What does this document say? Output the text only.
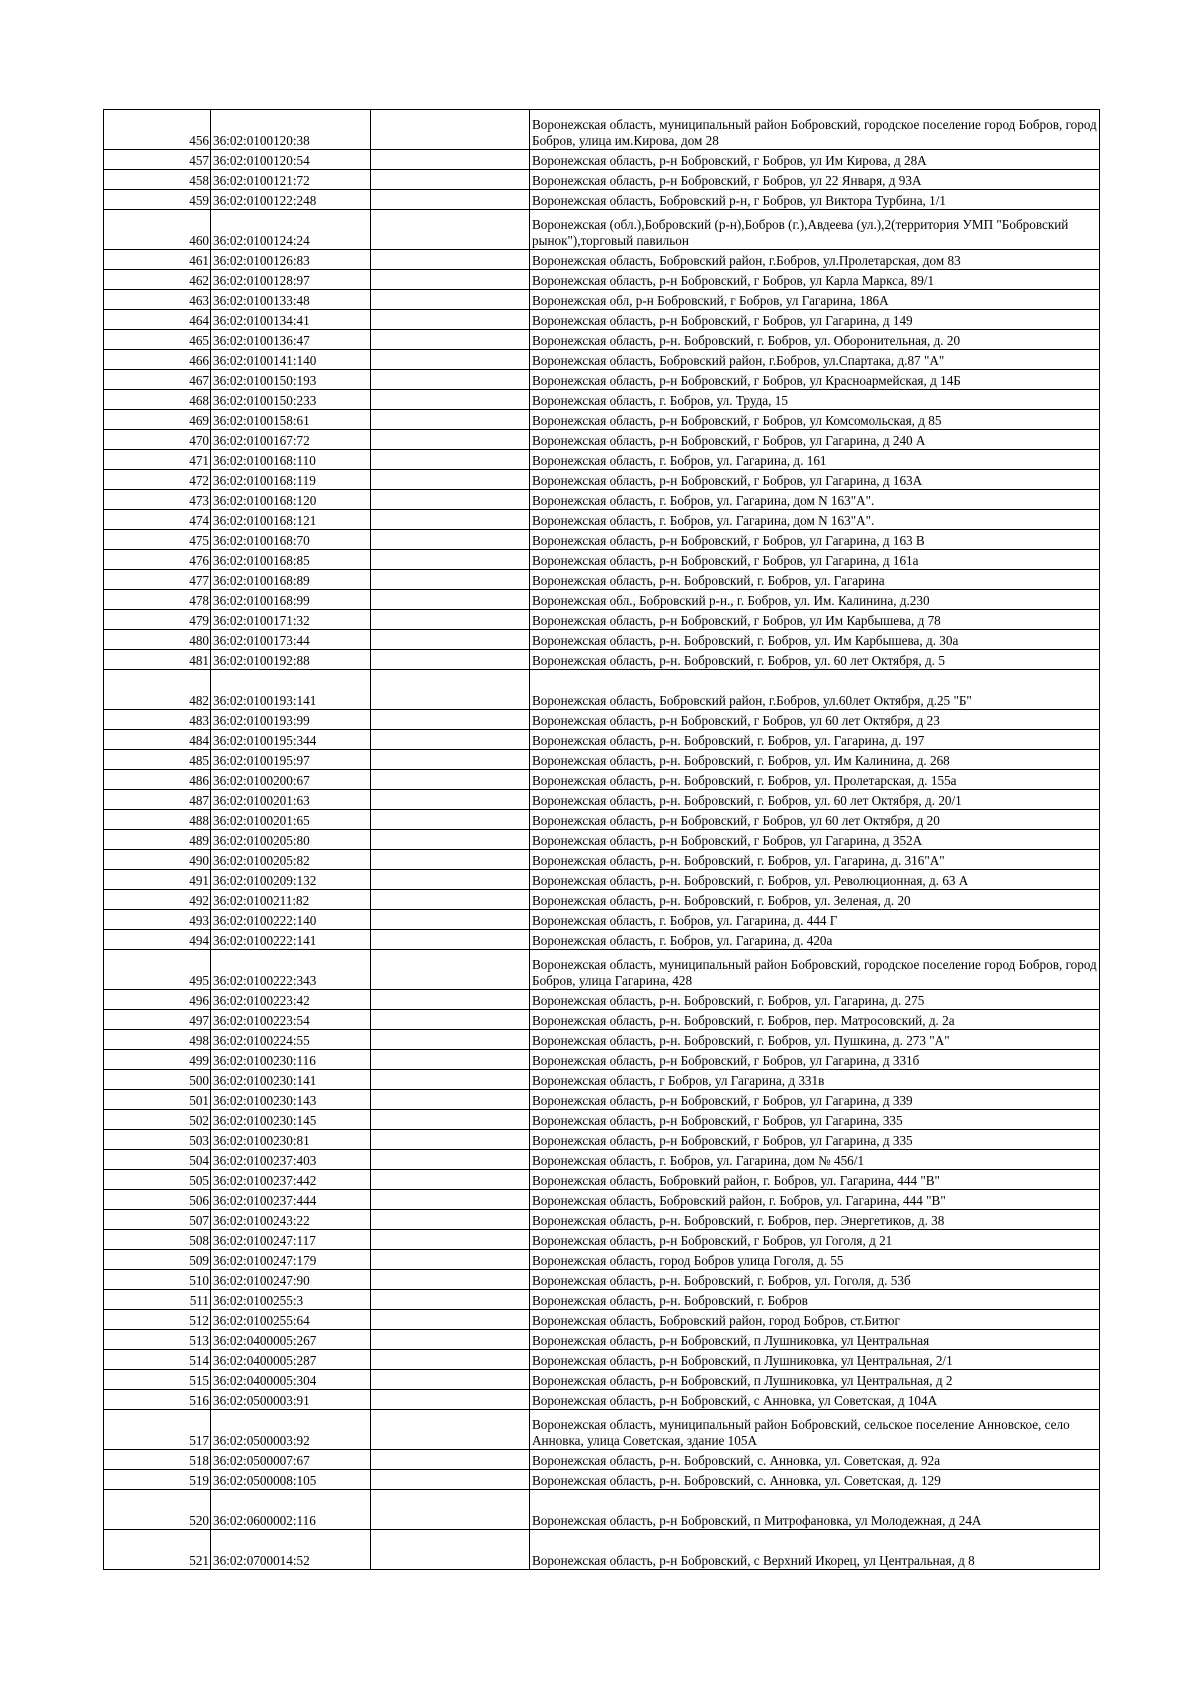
456	36:02:0100120:38		Воронежская область, муниципальный район Бобровский, городское поселение город Бобров, город Бобров, улица им.Кирова, дом 28
457	36:02:0100120:54		Воронежская область, р-н Бобровский, г Бобров, ул Им Кирова, д 28А
458	36:02:0100121:72		Воронежская область, р-н Бобровский, г Бобров, ул 22 Января, д 93А
459	36:02:0100122:248		Воронежская область, Бобровский р-н, г Бобров, ул Виктора Турбина, 1/1
460	36:02:0100124:24		Воронежская (обл.),Бобровский (р-н),Бобров (г.),Авдеева (ул.),2(территория УМП "Бобровский рынок"),торговый павильон
461	36:02:0100126:83		Воронежская область, Бобровский район, г.Бобров, ул.Пролетарская, дом 83
462	36:02:0100128:97		Воронежская область, р-н Бобровский, г Бобров, ул Карла Маркса, 89/1
463	36:02:0100133:48		Воронежская обл, р-н Бобровский, г Бобров, ул Гагарина, 186А
464	36:02:0100134:41		Воронежская область, р-н Бобровский, г Бобров, ул Гагарина, д 149
465	36:02:0100136:47		Воронежская область, р-н. Бобровский, г. Бобров, ул. Оборонительная, д. 20
466	36:02:0100141:140		Воронежская область, Бобровский район, г.Бобров, ул.Спартака, д.87 "А"
467	36:02:0100150:193		Воронежская область, р-н Бобровский, г Бобров, ул Красноармейская, д 14Б
468	36:02:0100150:233		Воронежская область, г. Бобров, ул. Труда, 15
469	36:02:0100158:61		Воронежская область, р-н Бобровский, г Бобров, ул Комсомольская, д 85
470	36:02:0100167:72		Воронежская область, р-н Бобровский, г Бобров, ул Гагарина, д 240 А
471	36:02:0100168:110		Воронежская область, г. Бобров, ул. Гагарина, д. 161
472	36:02:0100168:119		Воронежская область, р-н Бобровский, г Бобров, ул Гагарина, д 163А
473	36:02:0100168:120		Воронежская область, г. Бобров, ул. Гагарина, дом N 163"А".
474	36:02:0100168:121		Воронежская область, г. Бобров, ул. Гагарина, дом N 163"А".
475	36:02:0100168:70		Воронежская область, р-н Бобровский, г Бобров, ул Гагарина, д 163 В
476	36:02:0100168:85		Воронежская область, р-н Бобровский, г Бобров, ул Гагарина, д 161а
477	36:02:0100168:89		Воронежская область, р-н. Бобровский, г. Бобров, ул. Гагарина
478	36:02:0100168:99		Воронежская обл., Бобровский р-н., г. Бобров, ул. Им. Калинина, д.230
479	36:02:0100171:32		Воронежская область, р-н Бобровский, г Бобров, ул Им Карбышева, д 78
480	36:02:0100173:44		Воронежская область, р-н. Бобровский, г. Бобров, ул. Им Карбышева, д. 30а
481	36:02:0100192:88		Воронежская область, р-н. Бобровский, г. Бобров, ул. 60 лет Октября, д. 5
482	36:02:0100193:141		Воронежская область, Бобровский район, г.Бобров, ул.60лет Октября, д.25 "Б"
483	36:02:0100193:99		Воронежская область, р-н Бобровский, г Бобров, ул 60 лет Октября, д 23
484	36:02:0100195:344		Воронежская область, р-н. Бобровский, г. Бобров, ул. Гагарина, д. 197
485	36:02:0100195:97		Воронежская область, р-н. Бобровский, г. Бобров, ул. Им Калинина, д. 268
486	36:02:0100200:67		Воронежская область, р-н. Бобровский, г. Бобров, ул. Пролетарская, д. 155а
487	36:02:0100201:63		Воронежская область, р-н. Бобровский, г. Бобров, ул. 60 лет Октября, д. 20/1
488	36:02:0100201:65		Воронежская область, р-н Бобровский, г Бобров, ул 60 лет Октября, д 20
489	36:02:0100205:80		Воронежская область, р-н Бобровский, г Бобров, ул Гагарина, д 352А
490	36:02:0100205:82		Воронежская область, р-н. Бобровский, г. Бобров, ул. Гагарина, д. 316"А"
491	36:02:0100209:132		Воронежская область, р-н. Бобровский, г. Бобров, ул. Революционная, д. 63 А
492	36:02:0100211:82		Воронежская область, р-н. Бобровский, г. Бобров, ул. Зеленая, д. 20
493	36:02:0100222:140		Воронежская область, г. Бобров, ул. Гагарина, д. 444 Г
494	36:02:0100222:141		Воронежская область, г. Бобров, ул. Гагарина, д. 420а
495	36:02:0100222:343		Воронежская область, муниципальный район Бобровский, городское поселение город Бобров, город Бобров, улица Гагарина, 428
496	36:02:0100223:42		Воронежская область, р-н. Бобровский, г. Бобров, ул. Гагарина, д. 275
497	36:02:0100223:54		Воронежская область, р-н. Бобровский, г. Бобров, пер. Матросовский, д. 2а
498	36:02:0100224:55		Воронежская область, р-н. Бобровский, г. Бобров, ул. Пушкина, д. 273 "А"
499	36:02:0100230:116		Воронежская область, р-н Бобровский, г Бобров, ул Гагарина, д 331б
500	36:02:0100230:141		Воронежская область, г Бобров, ул Гагарина, д 331в
501	36:02:0100230:143		Воронежская область, р-н Бобровский, г Бобров, ул Гагарина, д 339
502	36:02:0100230:145		Воронежская область, р-н Бобровский, г Бобров, ул Гагарина, 335
503	36:02:0100230:81		Воронежская область, р-н Бобровский, г Бобров, ул Гагарина, д 335
504	36:02:0100237:403		Воронежская область, г. Бобров, ул. Гагарина, дом № 456/1
505	36:02:0100237:442		Воронежская область, Бобровкий район, г. Бобров, ул. Гагарина, 444 "В"
506	36:02:0100237:444		Воронежская область, Бобровский район, г. Бобров, ул. Гагарина, 444 "В"
507	36:02:0100243:22		Воронежская область, р-н. Бобровский, г. Бобров, пер. Энергетиков, д. 38
508	36:02:0100247:117		Воронежская область, р-н Бобровский, г Бобров, ул Гоголя, д 21
509	36:02:0100247:179		Воронежская область, город Бобров улица Гоголя, д. 55
510	36:02:0100247:90		Воронежская область, р-н. Бобровский, г. Бобров, ул. Гоголя, д. 53б
511	36:02:0100255:3		Воронежская область, р-н. Бобровский, г. Бобров
512	36:02:0100255:64		Воронежская область, Бобровский район, город Бобров, ст.Битюг
513	36:02:0400005:267		Воронежская область, р-н Бобровский, п Лушниковка, ул Центральная
514	36:02:0400005:287		Воронежская область, р-н Бобровский, п Лушниковка, ул Центральная, 2/1
515	36:02:0400005:304		Воронежская область, р-н Бобровский, п Лушниковка, ул Центральная, д 2
516	36:02:0500003:91		Воронежская область, р-н Бобровский, с Анновка, ул Советская, д 104А
517	36:02:0500003:92		Воронежская область, муниципальный район Бобровский, сельское поселение Анновское, село Анновка, улица Советская, здание 105А
518	36:02:0500007:67		Воронежская область, р-н. Бобровский, с. Анновка, ул. Советская, д. 92а
519	36:02:0500008:105		Воронежская область, р-н. Бобровский, с. Анновка, ул. Советская, д. 129
520	36:02:0600002:116		Воронежская область, р-н Бобровский, п Митрофановка, ул Молодежная, д 24А
521	36:02:0700014:52		Воронежская область, р-н Бобровский, с Верхний Икорец, ул Центральная, д 8
